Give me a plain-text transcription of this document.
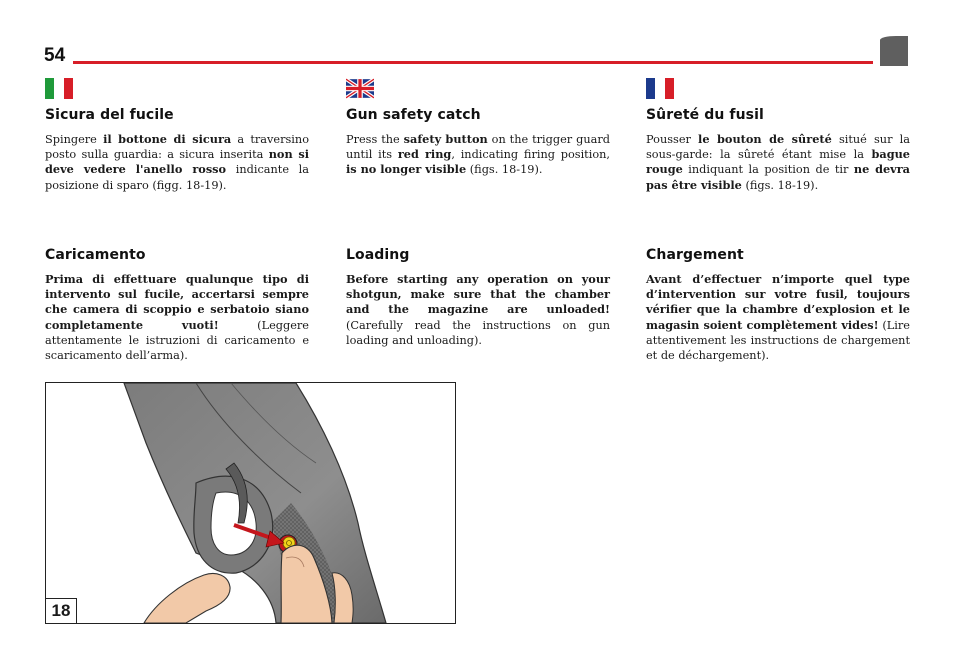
54
Sicura del fucile

Spingere il bottone di sicura a traversino posto sulla guardia: a sicura inserita non si deve vedere l'anello rosso indicante la posizione di sparo (figg. 18-19).

Gun safety catch

Press the safety button on the trigger guard until its red ring, indicating firing position, is no longer visible (figs. 18-19).

Sûreté du fusil

Pousser le bouton de sûreté situé sur la sous-garde: la sûreté étant mise la bague rouge indiquant la position de tir ne devra pas être visible (figs. 18-19).

Caricamento

Prima di effettuare qualunque tipo di intervento sul fucile, accertarsi sempre che camera di scoppio e serbatoio siano completamente vuoti! (Leggere attentamente le istruzioni di caricamento e scaricamento dell’arma).

Loading

Before starting any operation on your shotgun, make sure that the chamber and the magazine are unloaded! (Carefully read the instructions on gun loading and unloading).

Chargement

Avant d’effectuer n’importe quel type d’intervention sur votre fusil, toujours vérifier que la chambre d’explosion et le magasin soient complètement vides! (Lire attentivement les instructions de chargement et de déchargement).

18
